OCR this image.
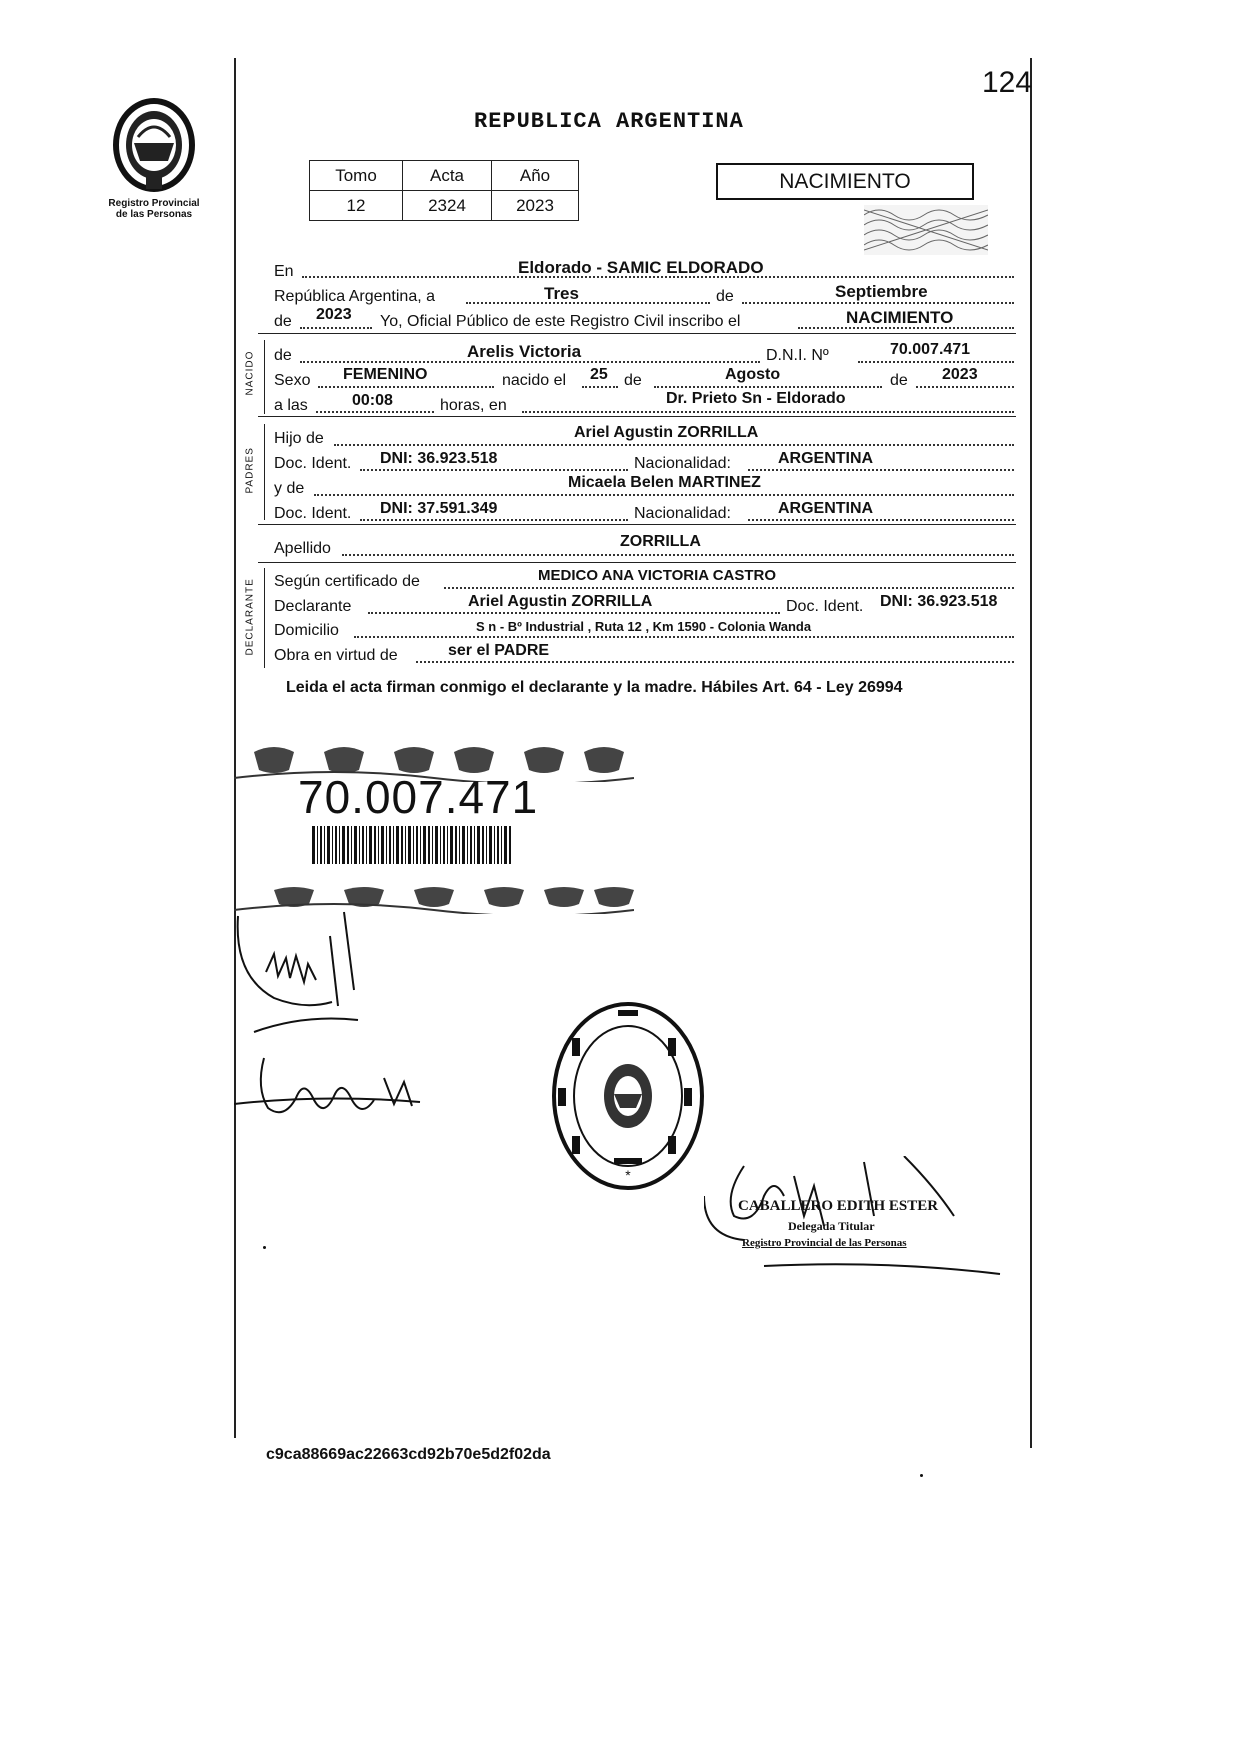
124
Registro Provincial
de las Personas
REPUBLICA ARGENTINA
Tomo	Acta	Año
12	2324	2023
NACIMIENTO
En	Eldorado - SAMIC ELDORADO
República Argentina, a	Tres	de	Septiembre
de 2023 Yo, Oficial Público de este Registro Civil inscribo el	NACIMIENTO
NACIDO de	Arelis Victoria	D.N.I. Nº	70.007.471
Sexo FEMENINO	nacido el 25 de	Agosto	de 2023
a las	00:08	horas, en	Dr. Prieto Sn - Eldorado
PADRES
Hijo de	Ariel Agustin ZORRILLA
Doc. Ident. DNI: 36.923.518	Nacionalidad:	ARGENTINA
y de	Micaela Belen MARTINEZ
Doc. Ident. DNI: 37.591.349	Nacionalidad:	ARGENTINA
Apellido	ZORRILLA
DECLARANTE Según certificado de	MEDICO ANA VICTORIA CASTRO
Declarante	Ariel Agustin ZORRILLA	Doc. Ident. DNI: 36.923.518
Domicilio	S n - Bº Industrial , Ruta 12 , Km 1590 - Colonia Wanda
Obra en virtud de	ser el PADRE
Leida el acta firman conmigo el declarante y la madre. Hábiles Art. 64 - Ley 26994
70.007.471
*
CABALLERO EDITH ESTER
Delegada Titular
Registro Provincial de las Personas
c9ca88669ac22663cd92b70e5d2f02da
